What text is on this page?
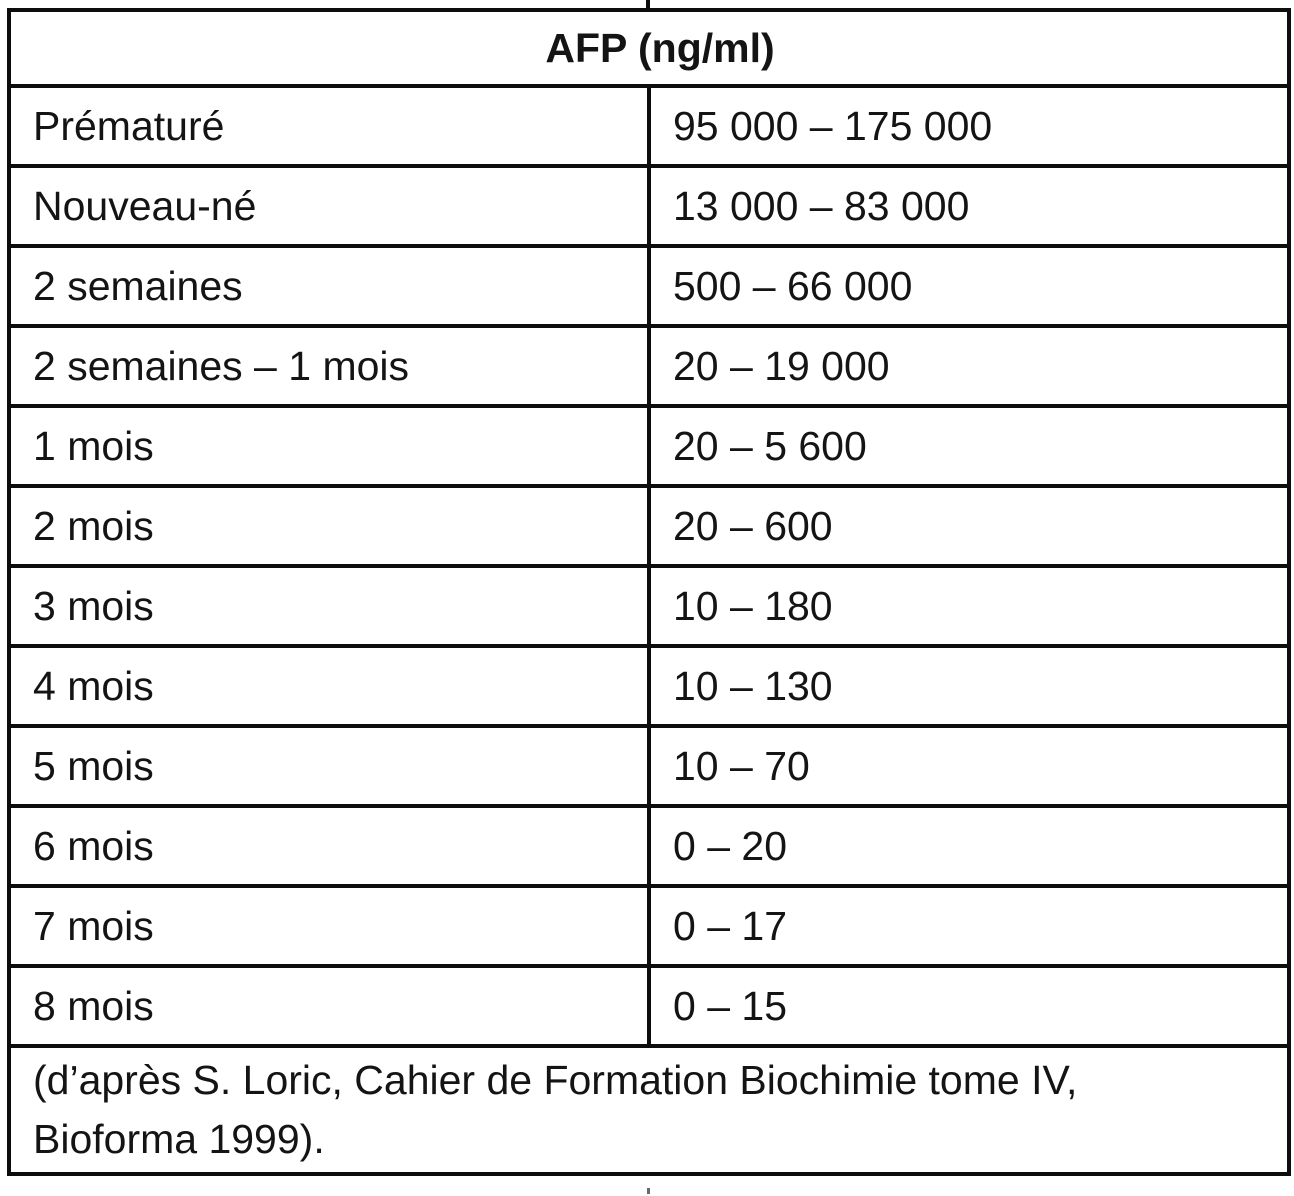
AFP (ng/ml)	
Prématuré	95 000 – 175 000
Nouveau-né	13 000 – 83 000
2 semaines	500 – 66 000
2 semaines – 1 mois	20 – 19 000
1 mois	20 – 5 600
2 mois	20 – 600
3 mois	10 – 180
4 mois	10 – 130
5 mois	10 – 70
6 mois	0 – 20
7 mois	0 – 17
8 mois	0 – 15

(d’après S. Loric, Cahier de Formation Biochimie tome IV,
Bioforma 1999).	
